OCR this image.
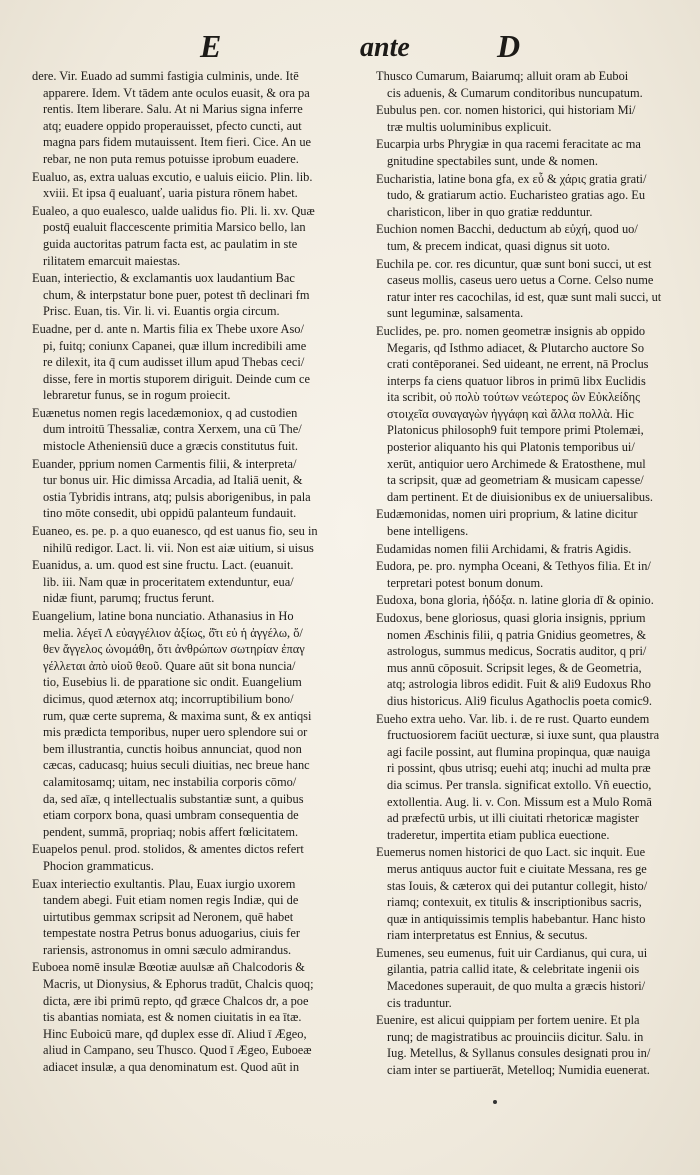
E	ante	D

dere. Vir. Euado ad summi fastigia culminis, unde. Itē
apparere. Idem. Vt tādem ante oculos euasit, & ora pa
rentis. Item liberare. Salu. At ni Marius signa inferre
atq; euadere oppido properauisset, pfecto cuncti, aut
magna pars fidem mutauissent. Item fieri. Cice. An ue
rebar, ne non puta remus potuisse iprobum euadere.

Eualuo, as, extra ualuas excutio, e ualuis eiicio. Plin. lib.
xviii. Et ipsa q̄ eualuanť, uaria pistura rōnem habet.

Eualeo, a quo eualesco, ualde ualidus fio. Pli. li. xv. Quæ
postq̄ eualuit flaccescente primitia Marsico bello, lan
guida auctoritas patrum facta est, ac paulatim in ste
rilitatem emarcuit maiestas.

Euan, interiectio, & exclamantis uox laudantium Bac
chum, & interpstatur bone puer, potest tñ declinari fm
Prisc. Euan, tis. Vir. li. vi. Euantis orgia circum.

Euadne, per d. ante n. Martis filia ex Thebe uxore Aso/
pi, fuitq; coniunx Capanei, quæ illum incredibili ame
re dilexit, ita q̄ cum audisset illum apud Thebas ceci/
disse, fere in mortis stuporem diriguit. Deinde cum ce
lebraretur funus, se in rogum proiecit.

Euænetus nomen regis lacedæmoniox, q ad custodien
dum introitū Thessaliæ, contra Xerxem, una cū The/
mistocle Atheniensiū duce a græcis constitutus fuit.

Euander, pprium nomen Carmentis filii, & interpreta/
tur bonus uir. Hic dimissa Arcadia, ad Italiā uenit, &
ostia Tybridis intrans, atq; pulsis aborigenibus, in pala
tino mōte consedit, ubi oppidū palanteum fundauit.

Euaneo, es. pe. p. a quo euanesco, qd est uanus fio, seu in
nihilū redigor. Lact. li. vii. Non est aiæ uitium, si uisus

Euanidus, a. um. quod est sine fructu. Lact. (euanuit.
lib. iii. Nam quæ in proceritatem extenduntur, eua/
nidæ fiunt, parumq; fructus ferunt.

Euangelium, latine bona nunciatio. Athanasius in Ho
melia. λέγεῑ Λ εὐαγγέλιον ἀξίως, ὅ͂τι εὐ ἡ ἀγγέλω, ὅ/
θεν ἄγγελος ὠνομάθη, ὅτι ἀνθρώπων σωτηρίαν ἐπαγ
γέλλεται ἀπὸ υἱοῦ θεοῦ. Quare aūt sit bona nuncia/
tio, Eusebius li. de pparatione sic ondit. Euangelium
dicimus, quod æternox atq; incorruptibilium bono/
rum, quæ certe suprema, & maxima sunt, & ex antiqsi
mis prædicta temporibus, nuper uero splendore sui or
bem illustrantia, cunctis hoibus annunciat, quod non
cæcas, caducasq; huius seculi diuitias, nec breue hanc
calamitosamq; uitam, nec instabilia corporis cōmo/
da, sed aīæ, q intellectualis substantiæ sunt, a quibus
etiam corporx bona, quasi umbram consequentia de
pendent, summā, propriaq; nobis affert fœlicitatem.

Euapelos penul. prod. stolidos, & amentes dictos refert
Phocion grammaticus.

Euax interiectio exultantis. Plau, Euax iurgio uxorem
tandem abegi. Fuit etiam nomen regis Indiæ, qui de
uirtutibus gemmax scripsit ad Neronem, quē habet
tempestate nostra Petrus bonus aduogarius, ciuis fer
rariensis, astronomus in omni sæculo admirandus.

Euboea nomē insulæ Bœotiæ auulsæ añ Chalcodoris &
Macris, ut Dionysius, & Ephorus tradūt, Chalcis quoq;
dicta, ære ibi primū repto, qđ græce Chalcos dr, a poe
tis abantias nomiata, est & nomen ciuitatis in ea ītæ.
Hinc Euboicū mare, qđ duplex esse dī. Aliud ī Ægeo,
aliud in Campano, seu Thusco. Quod ī Ægeo, Euboeæ
adiacet insulæ, a qua denominatum est. Quod aūt in

Thusco Cumarum, Baiarumq; alluit oram ab Euboi
cis aduenis, & Cumarum conditoribus nuncupatum.

Eubulus pen. cor. nomen historici, qui historiam Mi/
træ multis uoluminibus explicuit.

Eucarpia urbs Phrygiæ in qua racemi feracitate ac ma
gnitudine spectabiles sunt, unde & nomen.

Eucharistia, latine bona gfa, ex εὖ & χάρις gratia grati/
tudo, & gratiarum actio. Eucharisteo gratias ago. Eu
charisticon, liber in quo gratiæ redduntur.

Euchion nomen Bacchi, deductum ab εὐχή, quod uo/
tum, & precem indicat, quasi dignus sit uoto.

Euchila pe. cor. res dicuntur, quæ sunt boni succi, ut est
caseus mollis, caseus uero uetus a Corne. Celso nume
ratur inter res cacochilas, id est, quæ sunt mali succi, ut
sunt leguminæ, salsamenta.

Euclides, pe. pro. nomen geometræ insignis ab oppido
Megaris, qđ Isthmo adiacet, & Plutarcho auctore So
crati contēporanei. Sed uideant, ne errent, nā Proclus
interps fa ciens quatuor libros in primū libx Euclidis
ita scribit, οὐ πολὺ τούτων νεώτερος ὢν Εὐκλείδης
στοιχεῖα συναγαγὼν ἠγγάφη καὶ ἄλλα πολλὰ. Hic
Platonicus philosoph9 fuit tempore primi Ptolemæi,
posterior aliquanto his qui Platonis temporibus ui/
xerūt, antiquior uero Archimede & Eratosthene, mul
ta scripsit, quæ ad geometriam & musicam capesse/
dam pertinent. Et de diuisionibus ex de uniuersalibus.

Eudæmonidas, nomen uiri proprium, & latine dicitur
bene intelligens.

Eudamidas nomen filii Archidami, & fratris Agidis.

Eudora, pe. pro. nympha Oceani, & Tethyos filia. Et in/
terpretari potest bonum donum.

Eudoxa, bona gloria, ἡδόξα. n. latine gloria dī & opinio.

Eudoxus, bene gloriosus, quasi gloria insignis, pprium
nomen Æschinis filii, q patria Gnidius geometres, &
astrologus, summus medicus, Socratis auditor, q pri/
mus annū cōposuit. Scripsit leges, & de Geometria,
atq; astrologia libros edidit. Fuit & ali9 Eudoxus Rho
dius historicus. Ali9 ficulus Agathoclis poeta comic9.

Eueho extra ueho. Var. lib. i. de re rust. Quarto eundem
fructuosiorem faciūt uecturæ, si iuxe sunt, qua plaustra
agi facile possint, aut flumina propinqua, quæ nauiga
ri possint, qbus utrisq; euehi atq; inuchi ad multa præ
dia scimus. Per transla. significat extollo. Vñ euectio,
extollentia. Aug. li. v. Con. Missum est a Mulo Romā
ad præfectū urbis, ut illi ciuitati rhetoricæ magister
traderetur, impertita etiam publica euectione.

Euemerus nomen historici de quo Lact. sic inquit. Eue
merus antiquus auctor fuit e ciuitate Messana, res ge
stas Iouis, & cæterox qui dei putantur collegit, histo/
riamq; contexuit, ex titulis & inscriptionibus sacris,
quæ in antiquissimis templis habebantur. Hanc histo
riam interpretatus est Ennius, & secutus.

Eumenes, seu eumenus, fuit uir Cardianus, qui cura, ui
gilantia, patria callid itate, & celebritate ingenii ois
Macedones superauit, de quo multa a græcis histori/
cis traduntur.

Euenire, est alicui quippiam per fortem uenire. Et pla
runq; de magistratibus ac prouinciis dicitur. Salu. in
Iug. Metellus, & Syllanus consules designati prou in/
ciam inter se partiuerāt, Metelloq; Numidia euenerat.
